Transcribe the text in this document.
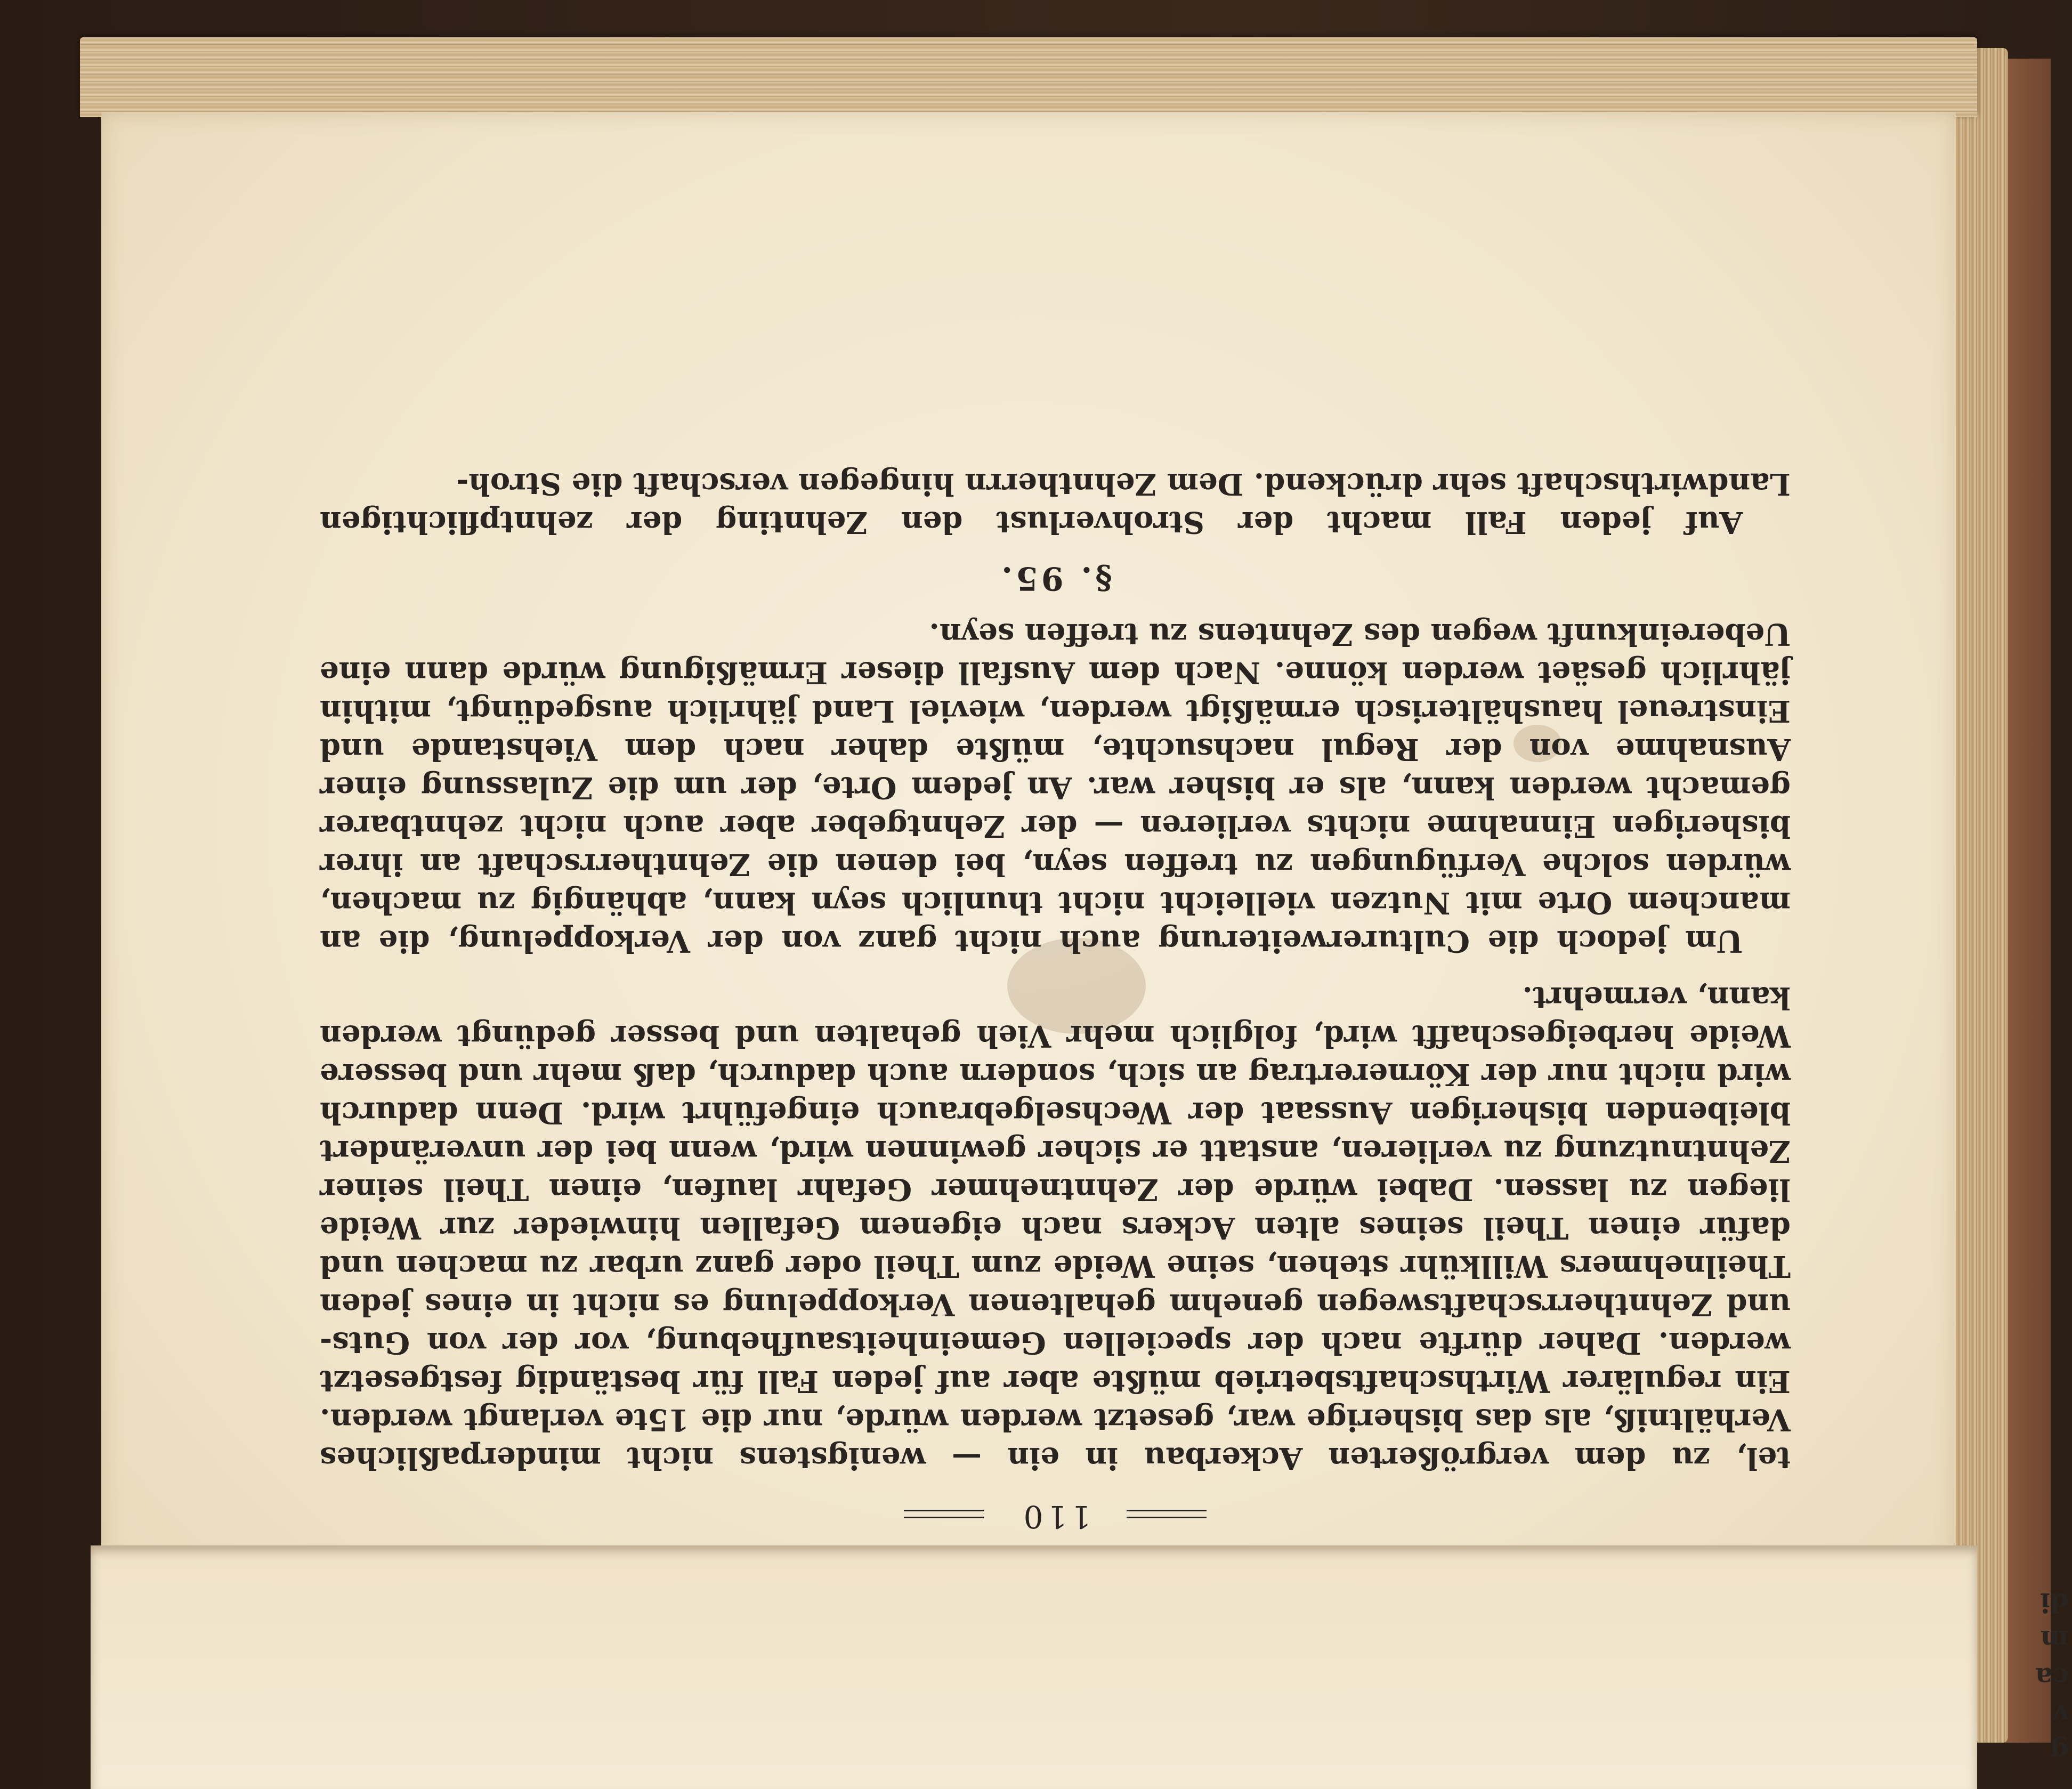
110

tel, zu dem vergrößerten Ackerbau in ein — wenigstens nicht minderpaßliches Verhältniß, als das bisherige war, gesetzt werden würde, nur die 15te verlangt werden. Ein regulärer Wirthschaftsbetrieb müßte aber auf jeden Fall für beständig festgesetzt werden. Daher dürfte nach der speciellen Gemeinheitsaufhebung, vor der von Guts- und Zehntherrschaftswegen genehm gehaltenen Verkoppelung es nicht in eines jeden Theilnehmers Willkühr stehen, seine Weide zum Theil oder ganz urbar zu machen und dafür einen Theil seines alten Ackers nach eigenem Gefallen hinwieder zur Weide liegen zu lassen. Dabei würde der Zehntnehmer Gefahr laufen, einen Theil seiner Zehntnutzung zu verlieren, anstatt er sicher gewinnen wird, wenn bei der unverändert bleibenden bisherigen Aussaat der Wechselgebrauch eingeführt wird. Denn dadurch wird nicht nur der Körnerertrag an sich, sondern auch dadurch, daß mehr und bessere Weide herbeigeschafft wird, folglich mehr Vieh gehalten und besser gedüngt werden kann, vermehrt.

Um jedoch die Culturerweiterung auch nicht ganz von der Verkoppelung, die an manchem Orte mit Nutzen vielleicht nicht thunlich seyn kann, abhängig zu machen, würden solche Verfügungen zu treffen seyn, bei denen die Zehntherrschaft an ihrer bisherigen Einnahme nichts verlieren — der Zehntgeber aber auch nicht zehntbarer gemacht werden kann, als er bisher war. An jedem Orte, der um die Zulassung einer Ausnahme von der Regul nachsuchte, müßte daher nach dem Viehstande und Einstreuel haushälterisch ermäßigt werden, wieviel Land jährlich ausgedüngt, mithin jährlich gesäet werden könne. Nach dem Ausfall dieser Ermäßigung würde dann eine Uebereinkunft wegen des Zehntens zu treffen seyn.

§. 95.

Auf jeden Fall macht der Strohverlust den Zehnting der zehntpflichtigen Landwirthschaft sehr drückend. Dem Zehntherrn hingegen verschaft die Stroh-

di
m
ca
v
g
